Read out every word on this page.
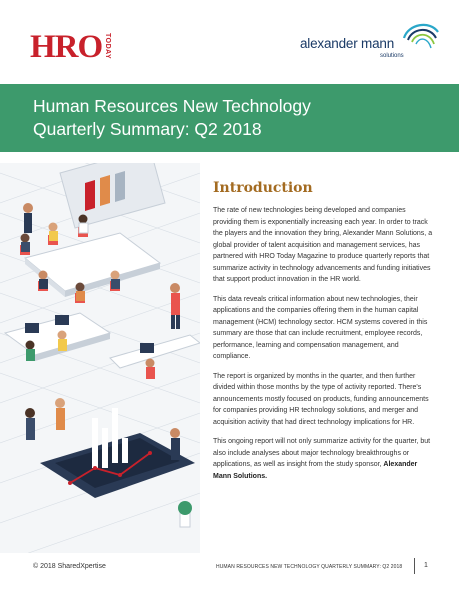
HRO TODAY	alexander mann
solutions
Human Resources New Technology
Quarterly Summary: Q2 2018
Introduction

The rate of new technologies being developed and companies providing them is exponentially increasing each year. In order to track the players and the innovation they bring, Alexander Mann Solutions, a global provider of talent acquisition and management services, has partnered with HRO Today Magazine to produce quarterly reports that summarize activity in technology advancements and funding initiatives that support product innovation in the HR world.

This data reveals critical information about new technologies, their applications and the companies offering them in the human capital management (HCM) technology sector. HCM systems covered in this summary are those that can include recruitment, employee records, performance, learning and compensation management, and compliance.

The report is organized by months in the quarter, and then further divided within those months by the type of activity reported. There's announcements mostly focused on products, funding announcements for companies providing HR technology solutions, and merger and acquisition activity that had direct technology implications for HR.

This ongoing report will not only summarize activity for the quarter, but also include analyses about major technology breakthroughs or applications, as well as insight from the study sponsor, Alexander Mann Solutions.

© 2018 SharedXpertise	HUMAN RESOURCES NEW TECHNOLOGY QUARTERLY SUMMARY: Q2 2018	1
